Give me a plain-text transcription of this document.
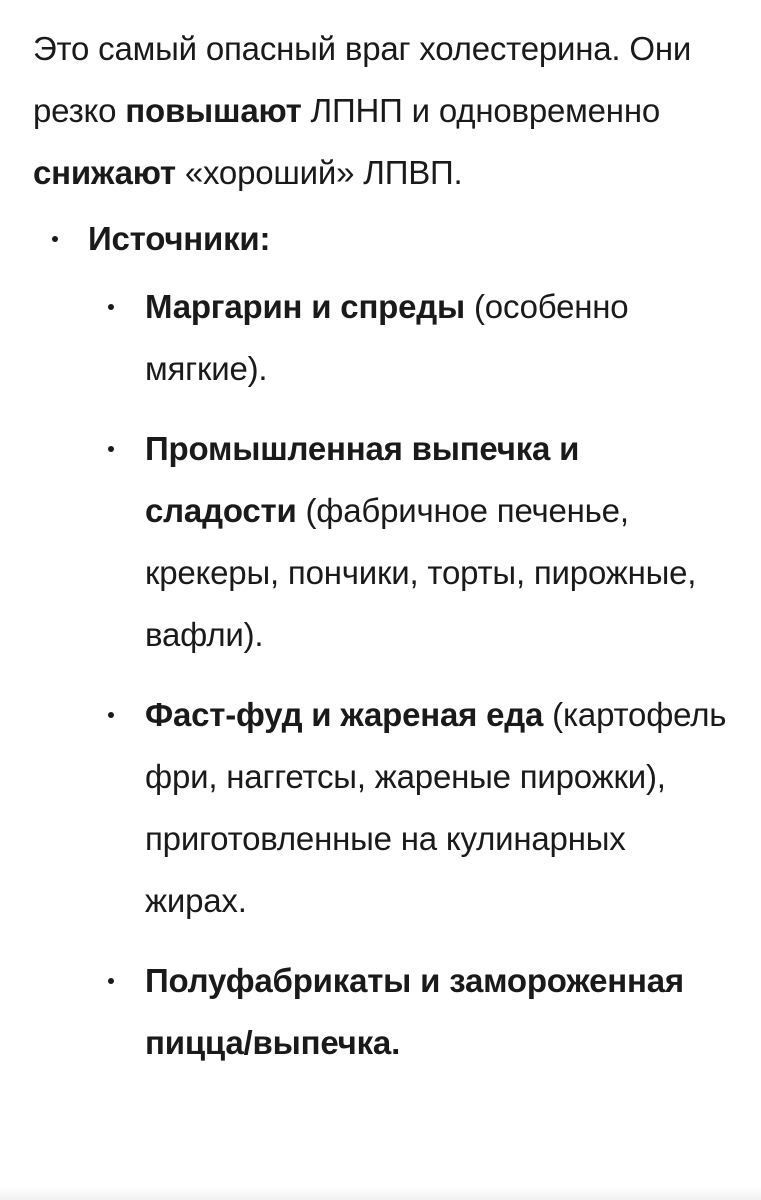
Это самый опасный враг холестерина. Они резко повышают ЛПНП и одновременно снижают «хороший» ЛПВП.

Источники:
Маргарин и спреды (особенно мягкие).
Промышленная выпечка и сладости (фабричное печенье, крекеры, пончики, торты, пирожные, вафли).
Фаст-фуд и жареная еда (картофель фри, наггетсы, жареные пирожки), приготовленные на кулинарных жирах.
Полуфабрикаты и замороженная пицца/выпечка.
